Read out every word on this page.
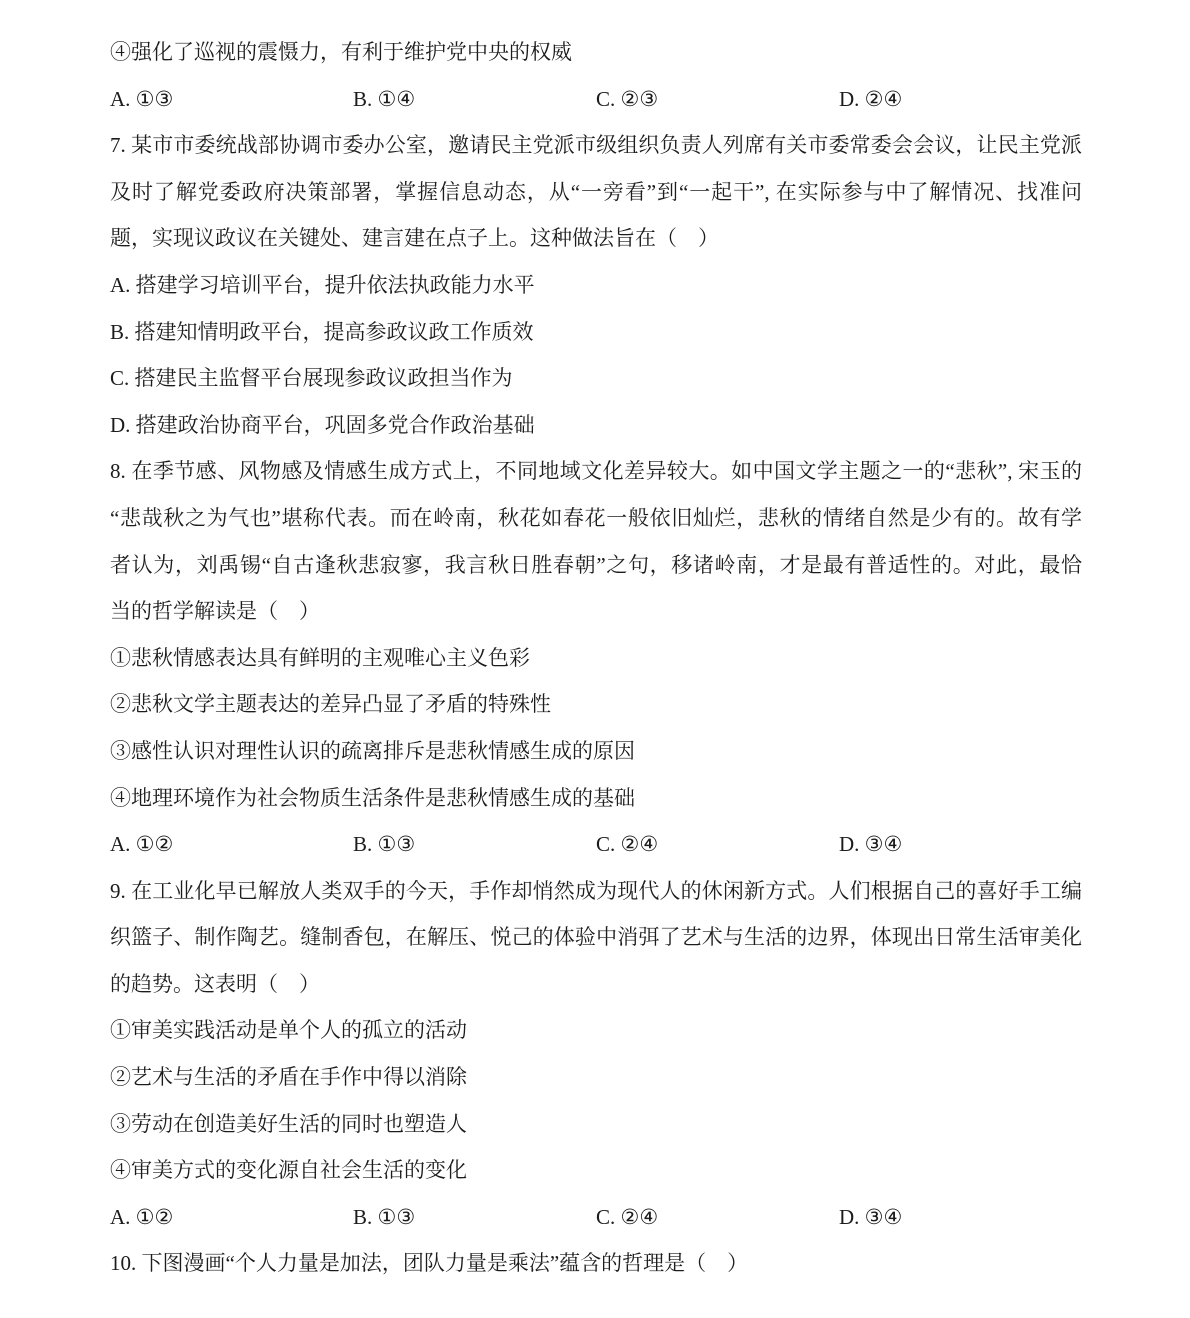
④强化了巡视的震慑力，有利于维护党中央的权威
A. ①③	B. ①④	C. ②③	D. ②④
7. 某市市委统战部协调市委办公室，邀请民主党派市级组织负责人列席有关市委常委会会议，让民主党派
及时了解党委政府决策部署，掌握信息动态，从“一旁看”到“一起干”, 在实际参与中了解情况、找准问
题，实现议政议在关键处、建言建在点子上。这种做法旨在（　）
A. 搭建学习培训平台，提升依法执政能力水平
B. 搭建知情明政平台，提高参政议政工作质效
C. 搭建民主监督平台展现参政议政担当作为
D. 搭建政治协商平台，巩固多党合作政治基础
8. 在季节感、风物感及情感生成方式上，不同地域文化差异较大。如中国文学主题之一的“悲秋”, 宋玉的
“悲哉秋之为气也”堪称代表。而在岭南，秋花如春花一般依旧灿烂，悲秋的情绪自然是少有的。故有学
者认为，刘禹锡“自古逢秋悲寂寥，我言秋日胜春朝”之句，移诸岭南，才是最有普适性的。对此，最恰
当的哲学解读是（　）
①悲秋情感表达具有鲜明的主观唯心主义色彩
②悲秋文学主题表达的差异凸显了矛盾的特殊性
③感性认识对理性认识的疏离排斥是悲秋情感生成的原因
④地理环境作为社会物质生活条件是悲秋情感生成的基础
A. ①②	B. ①③	C. ②④	D. ③④
9. 在工业化早已解放人类双手的今天，手作却悄然成为现代人的休闲新方式。人们根据自己的喜好手工编
织篮子、制作陶艺。缝制香包，在解压、悦己的体验中消弭了艺术与生活的边界，体现出日常生活审美化
的趋势。这表明（　）
①审美实践活动是单个人的孤立的活动
②艺术与生活的矛盾在手作中得以消除
③劳动在创造美好生活的同时也塑造人
④审美方式的变化源自社会生活的变化
A. ①②	B. ①③	C. ②④	D. ③④
10. 下图漫画“个人力量是加法，团队力量是乘法”蕴含的哲理是（　）
